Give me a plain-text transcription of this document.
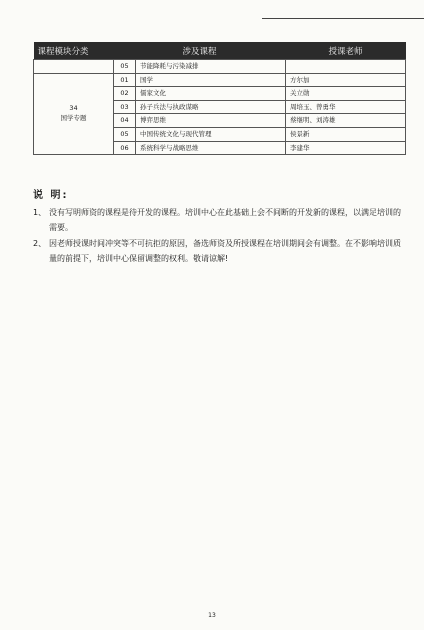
课程模块分类	涉及课程		授课老师
	05	节能降耗与污染减排	

34
国学专题	01	国学	方尔加
	02	儒家文化	关立勋
	03	孙子兵法与执政谋略	周培玉、曾勇华
	04	博弈思维	蔡继明、刘涛雄
	05	中国传统文化与现代管理	侯景新
	06	系统科学与战略思维	李建华
说 明:
1、 没有写明师资的课程是待开发的课程。培训中心在此基础上会不间断的开发新的课程，以满足培训的需要。
2、 因老师授课时间冲突等不可抗拒的原因，备选师资及所授课程在培训期间会有调整。在不影响培训质量的前提下，培训中心保留调整的权利。敬请谅解!
13
